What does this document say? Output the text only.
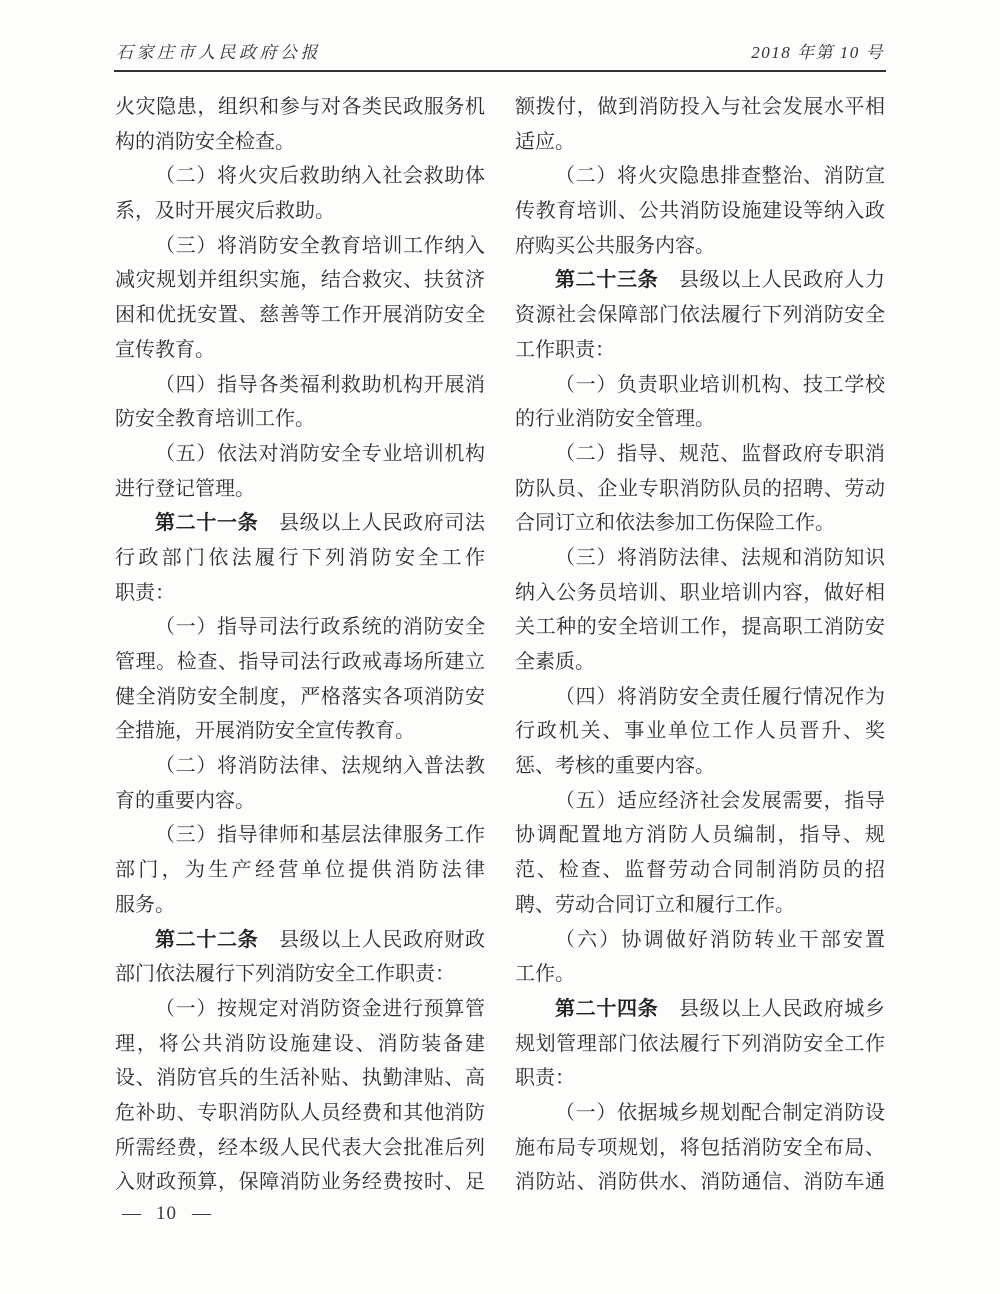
石家庄市人民政府公报	2018 年第 10 号
火灾隐患，组织和参与对各类民政服务机
构的消防安全检查。
（二）将火灾后救助纳入社会救助体
系，及时开展灾后救助。
（三）将消防安全教育培训工作纳入
减灾规划并组织实施，结合救灾、扶贫济
困和优抚安置、慈善等工作开展消防安全
宣传教育。
（四）指导各类福利救助机构开展消
防安全教育培训工作。
（五）依法对消防安全专业培训机构
进行登记管理。
第二十一条　县级以上人民政府司法
行政部门依法履行下列消防安全工作
职责：
（一）指导司法行政系统的消防安全
管理。检查、指导司法行政戒毒场所建立
健全消防安全制度，严格落实各项消防安
全措施，开展消防安全宣传教育。
（二）将消防法律、法规纳入普法教
育的重要内容。
（三）指导律师和基层法律服务工作
部门，为生产经营单位提供消防法律
服务。
第二十二条　县级以上人民政府财政
部门依法履行下列消防安全工作职责：
（一）按规定对消防资金进行预算管
理，将公共消防设施建设、消防装备建
设、消防官兵的生活补贴、执勤津贴、高
危补助、专职消防队人员经费和其他消防
所需经费，经本级人民代表大会批准后列
入财政预算，保障消防业务经费按时、足
额拨付，做到消防投入与社会发展水平相
适应。
（二）将火灾隐患排查整治、消防宣
传教育培训、公共消防设施建设等纳入政
府购买公共服务内容。
第二十三条　县级以上人民政府人力
资源社会保障部门依法履行下列消防安全
工作职责：
（一）负责职业培训机构、技工学校
的行业消防安全管理。
（二）指导、规范、监督政府专职消
防队员、企业专职消防队员的招聘、劳动
合同订立和依法参加工伤保险工作。
（三）将消防法律、法规和消防知识
纳入公务员培训、职业培训内容，做好相
关工种的安全培训工作，提高职工消防安
全素质。
（四）将消防安全责任履行情况作为
行政机关、事业单位工作人员晋升、奖
惩、考核的重要内容。
（五）适应经济社会发展需要，指导
协调配置地方消防人员编制，指导、规
范、检查、监督劳动合同制消防员的招
聘、劳动合同订立和履行工作。
（六）协调做好消防转业干部安置
工作。
第二十四条　县级以上人民政府城乡
规划管理部门依法履行下列消防安全工作
职责：
（一）依据城乡规划配合制定消防设
施布局专项规划，将包括消防安全布局、
消防站、消防供水、消防通信、消防车通
— 10 —
